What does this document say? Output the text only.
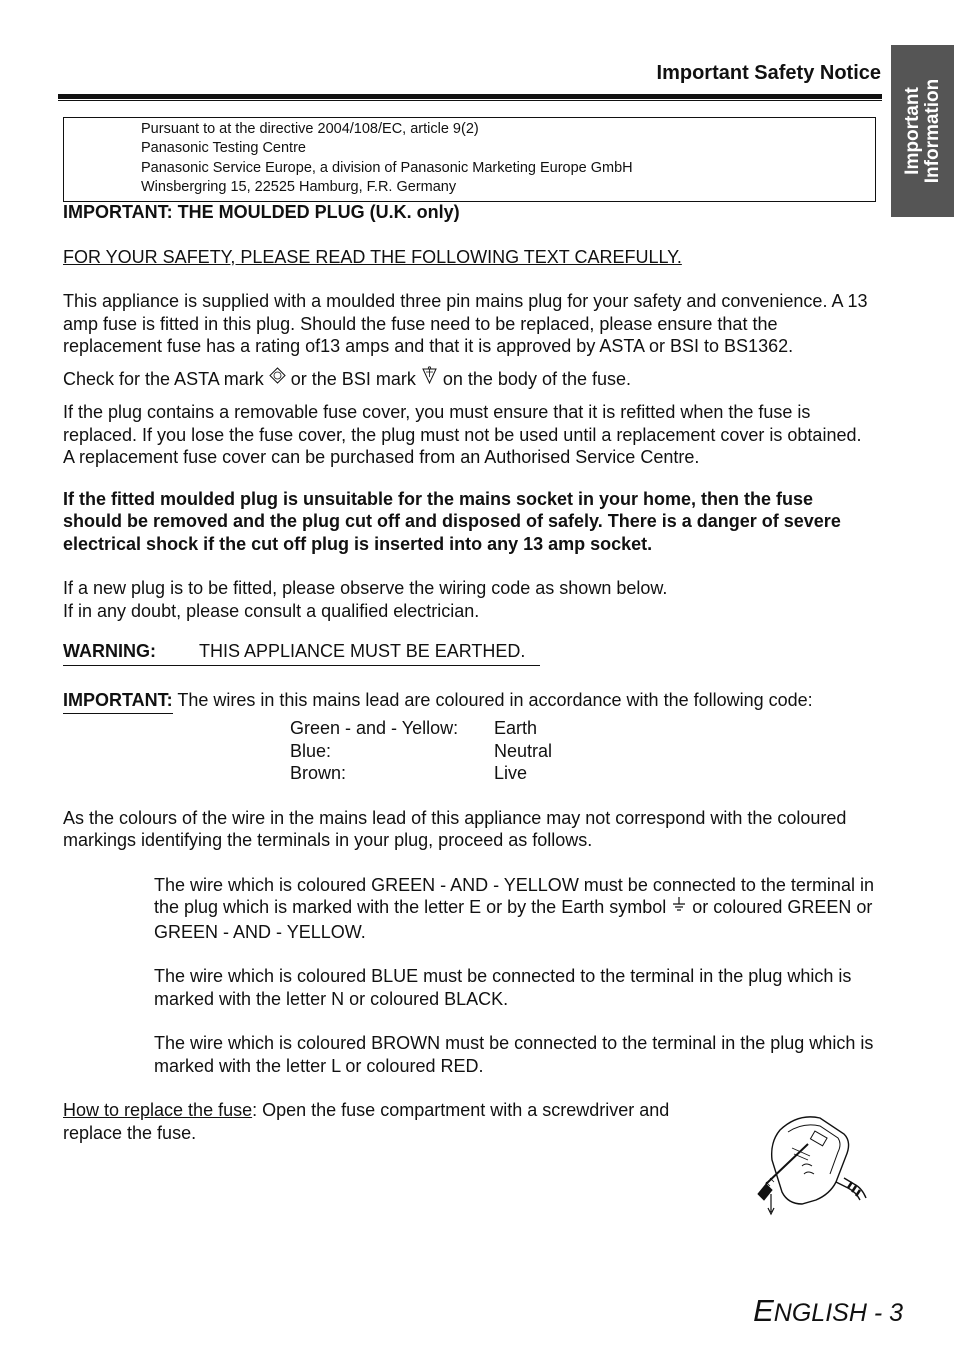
Important Safety Notice
Important Information
Pursuant to at the directive 2004/108/EC, article 9(2)
Panasonic Testing Centre
Panasonic Service Europe, a division of Panasonic Marketing Europe GmbH
Winsbergring 15, 22525 Hamburg, F.R. Germany

IMPORTANT: THE MOULDED PLUG (U.K. only)

FOR YOUR SAFETY, PLEASE READ THE FOLLOWING TEXT CAREFULLY.

This appliance is supplied with a moulded three pin mains plug for your safety and convenience. A 13 amp fuse is fitted in this plug. Should the fuse need to be replaced, please ensure that the replacement fuse has a rating of13 amps and that it is approved by ASTA or BSI to BS1362.

Check for the ASTA mark or the BSI mark on the body of the fuse.

If the plug contains a removable fuse cover, you must ensure that it is refitted when the fuse is replaced. If you lose the fuse cover, the plug must not be used until a replacement cover is obtained. A replacement fuse cover can be purchased from an Authorised Service Centre.

If the fitted moulded plug is unsuitable for the mains socket in your home, then the fuse should be removed and the plug cut off and disposed of safely. There is a danger of severe electrical shock if the cut off plug is inserted into any 13 amp socket.

If a new plug is to be fitted, please observe the wiring code as shown below.

If in any doubt, please consult a qualified electrician.

WARNING: THIS APPLIANCE MUST BE EARTHED.

IMPORTANT: The wires in this mains lead are coloured in accordance with the following code:

Green - and - Yellow:	Earth
Blue:	Neutral
Brown:	Live

As the colours of the wire in the mains lead of this appliance may not correspond with the coloured markings identifying the terminals in your plug, proceed as follows.

The wire which is coloured GREEN - AND - YELLOW must be connected to the terminal in the plug which is marked with the letter E or by the Earth symbol or coloured GREEN or GREEN - AND - YELLOW.

The wire which is coloured BLUE must be connected to the terminal in the plug which is marked with the letter N or coloured BLACK.

The wire which is coloured BROWN must be connected to the terminal in the plug which is marked with the letter L or coloured RED.

How to replace the fuse: Open the fuse compartment with a screwdriver and replace the fuse.

ENGLISH - 3
